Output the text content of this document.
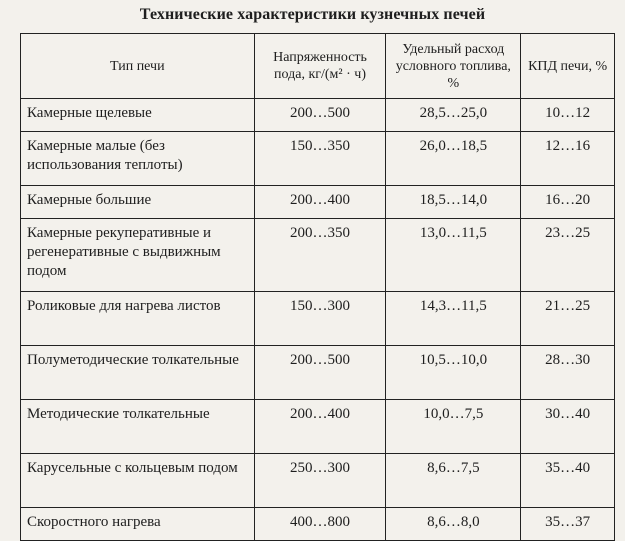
Технические характеристики кузнечных печей
Тип печи	Напряженность пода, кг/(м² · ч)	Удельный расход условного топлива, %	КПД печи, %
Камерные щелевые	200…500	28,5…25,0	10…12
Камерные малые (без использования теплоты)	150…350	26,0…18,5	12…16
Камерные большие	200…400	18,5…14,0	16…20
Камерные рекуперативные и регенеративные с выдвижным подом	200…350	13,0…11,5	23…25
Роликовые для нагрева листов	150…300	14,3…11,5	21…25
Полуметодические толкательные	200…500	10,5…10,0	28…30
Методические толкательные	200…400	10,0…7,5	30…40
Карусельные с кольцевым подом	250…300	8,6…7,5	35…40
Скоростного нагрева	400…800	8,6…8,0	35…37
